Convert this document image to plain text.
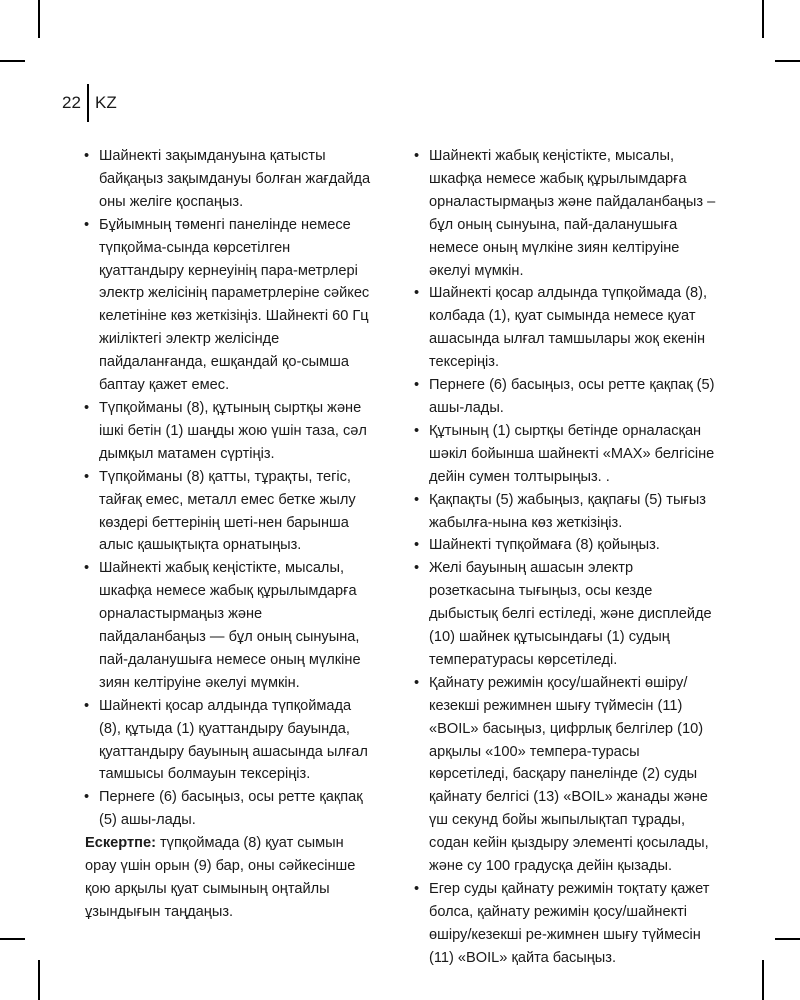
22 KZ
• Шайнекті зақымдануына қатысты байқаңыз зақымдануы болған жағдайда оны желіге қоспаңыз.
• Бұйымның төменгі панелінде немесе түпқойма-сында көрсетілген қуаттандыру кернеуінің пара-метрлері электр желісінің параметрлеріне сәйкес келетініне көз жеткізіңіз. Шайнекті 60 Гц жиіліктегі электр желісінде пайдаланғанда, ешқандай қо-сымша баптау қажет емес.
• Түпқойманы (8), құтының сыртқы және ішкі бетін (1) шаңды жою үшін таза, сәл дымқыл матамен сүртіңіз.
• Түпқойманы (8) қатты, тұрақты, тегіс, тайғақ емес, металл емес бетке жылу көздері беттерінің шеті-нен барынша алыс қашықтықта орнатыңыз.
• Шайнекті жабық кеңістікте, мысалы, шкафқа немесе жабық құрылымдарға орналастырмаңыз және пайдаланбаңыз — бұл оның сынуына, пай-даланушыға немесе оның мүлкіне зиян келтіруіне әкелуі мүмкін.
• Шайнекті қосар алдында түпқоймада (8), құтыда (1) қуаттандыру бауында, қуаттандыру бауының ашасында ылғал тамшысы болмауын тексеріңіз.
• Пернеге (6) басыңыз, осы ретте қақпақ (5) ашы-лады.

Ескертпе: түпқоймада (8) қуат сымын орау үшін орын (9) бар, оны сәйкесінше қою арқылы қуат сымының оңтайлы ұзындығын таңдаңыз.

• Шайнекті жабық кеңістікте, мысалы, шкафқа немесе жабық құрылымдарға орналастырмаңыз және пайдаланбаңыз – бұл оның сынуына, пай-даланушыға немесе оның мүлкіне зиян келтіруіне әкелуі мүмкін.
• Шайнекті қосар алдында түпқоймада (8), колбада (1), қуат сымында немесе қуат ашасында ылғал тамшылары жоқ екенін тексеріңіз.
• Пернеге (6) басыңыз, осы ретте қақпақ (5) ашы-лады.
• Құтының (1) сыртқы бетінде орналасқан шәкіл бойынша шайнекті «MAX» белгісіне дейін сумен толтырыңыз. .
• Қақпақты (5) жабыңыз, қақпағы (5) тығыз жабылға-нына көз жеткізіңіз.
• Шайнекті түпқоймаға (8) қойыңыз.
• Желі бауының ашасын электр розеткасына тығыңыз, осы кезде дыбыстық белгі естіледі, және дисплейде (10) шайнек құтысындағы (1) судың температурасы көрсетіледі.
• Қайнату режимін қосу/шайнекті өшіру/кезекші режимнен шығу түймесін (11) «BOIL» басыңыз, цифрлық белгілер (10) арқылы «100» темпера-турасы көрсетіледі, басқару панелінде (2) суды қайнату белгісі (13) «BOIL» жанады және үш секунд бойы жыпылықтап тұрады, содан кейін қыздыру элементі қосылады, және су 100 градусқа дейін қызады.
• Егер суды қайнату режимін тоқтату қажет болса, қайнату режимін қосу/шайнекті өшіру/кезекші ре-жимнен шығу түймесін (11) «BOIL» қайта басыңыз.
